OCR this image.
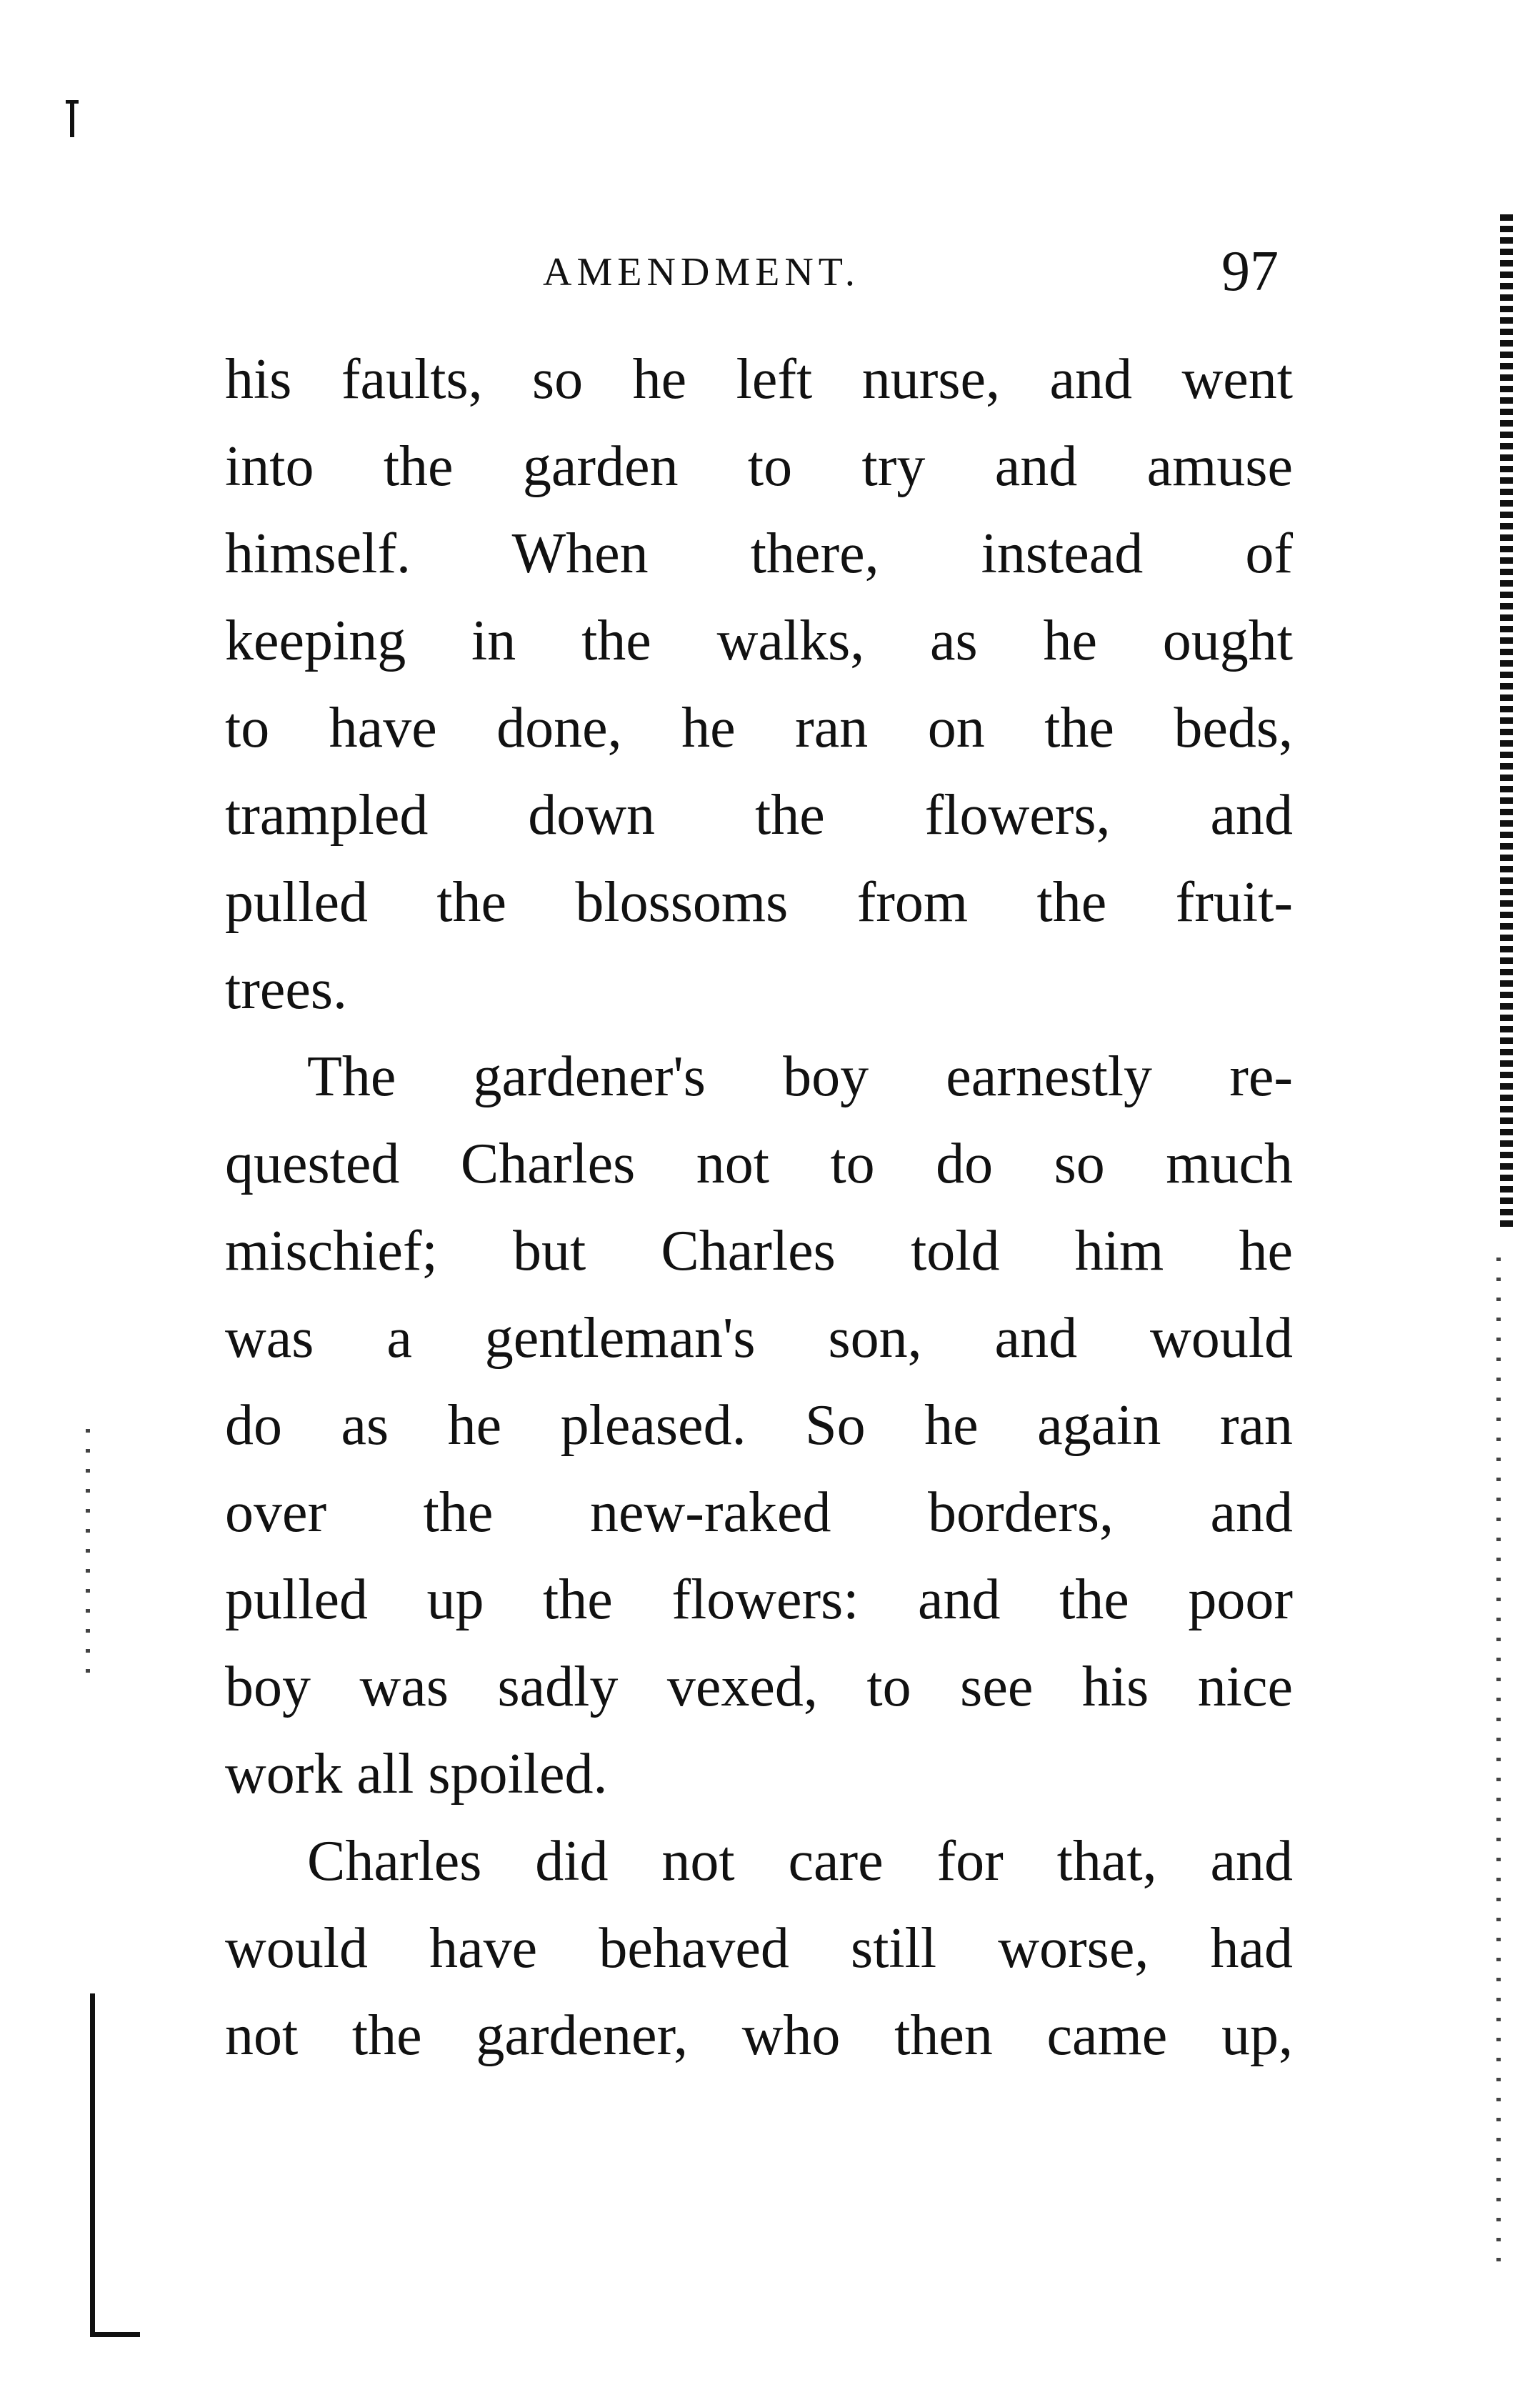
AMENDMENT.	97
his faults, so he left nurse, and went
into the garden to try and amuse
himself. When there, instead of
keeping in the walks, as he ought
to have done, he ran on the beds,
trampled down the flowers, and
pulled the blossoms from the fruit-
trees.
The gardener's boy earnestly re-
quested Charles not to do so much
mischief; but Charles told him he
was a gentleman's son, and would
do as he pleased. So he again ran
over the new-raked borders, and
pulled up the flowers: and the poor
boy was sadly vexed, to see his nice
work all spoiled.
Charles did not care for that, and
would have behaved still worse, had
not the gardener, who then came up,
